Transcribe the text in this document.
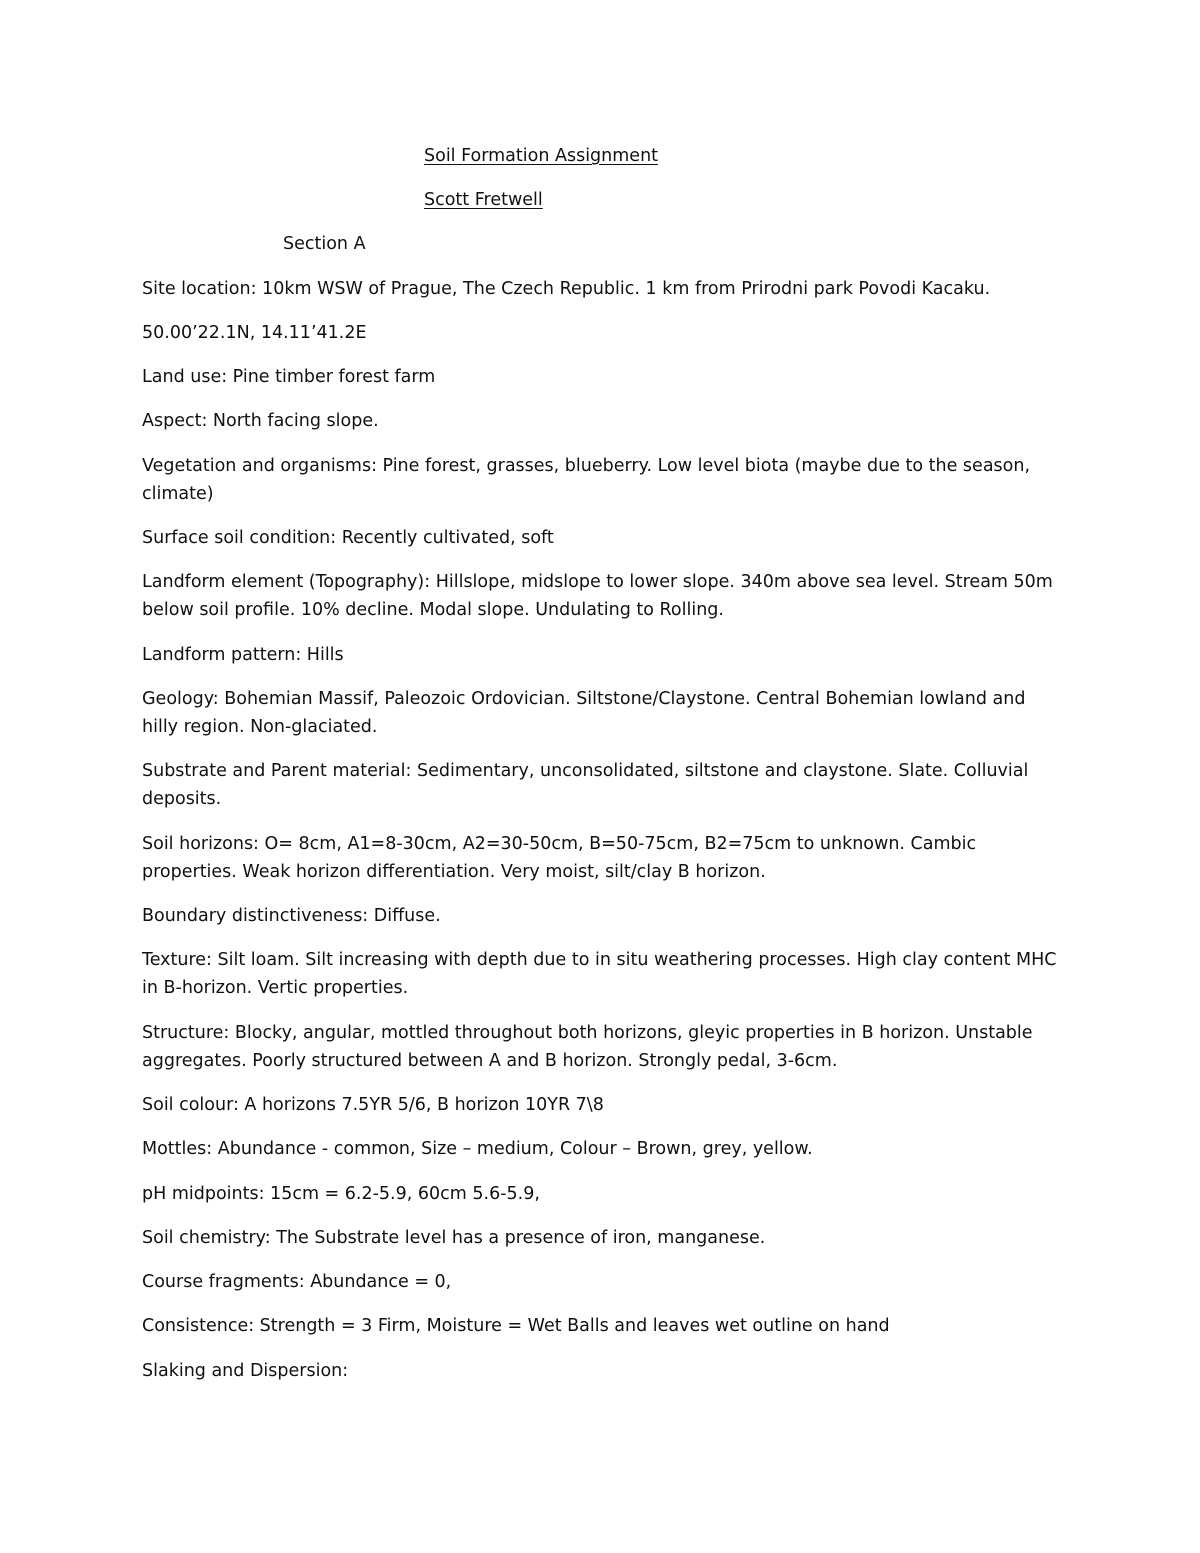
Soil Formation Assignment
Scott Fretwell
Section A
Site location: 10km WSW of Prague, The Czech Republic. 1 km from Prirodni park Povodi Kacaku.
50.00’22.1N, 14.11’41.2E
Land use: Pine timber forest farm
Aspect: North facing slope.
Vegetation and organisms: Pine forest, grasses, blueberry. Low level biota (maybe due to the season, climate)
Surface soil condition: Recently cultivated, soft
Landform element (Topography): Hillslope, midslope to lower slope. 340m above sea level. Stream 50m below soil profile. 10% decline. Modal slope. Undulating to Rolling.
Landform pattern: Hills
Geology: Bohemian Massif, Paleozoic Ordovician. Siltstone/Claystone. Central Bohemian lowland and hilly region. Non-glaciated.
Substrate and Parent material: Sedimentary, unconsolidated, siltstone and claystone. Slate. Colluvial deposits.
Soil horizons: O= 8cm, A1=8-30cm, A2=30-50cm, B=50-75cm, B2=75cm to unknown. Cambic properties. Weak horizon differentiation. Very moist, silt/clay B horizon.
Boundary distinctiveness: Diffuse.
Texture: Silt loam. Silt increasing with depth due to in situ weathering processes. High clay content MHC in B-horizon. Vertic properties.
Structure: Blocky, angular, mottled throughout both horizons, gleyic properties in B horizon. Unstable aggregates. Poorly structured between A and B horizon. Strongly pedal, 3-6cm.
Soil colour: A horizons 7.5YR 5/6, B horizon 10YR 7\8
Mottles: Abundance - common, Size – medium, Colour – Brown, grey, yellow.
pH midpoints: 15cm = 6.2-5.9, 60cm 5.6-5.9,
Soil chemistry: The Substrate level has a presence of iron, manganese.
Course fragments: Abundance = 0,
Consistence: Strength = 3 Firm, Moisture = Wet Balls and leaves wet outline on hand
Slaking and Dispersion:
